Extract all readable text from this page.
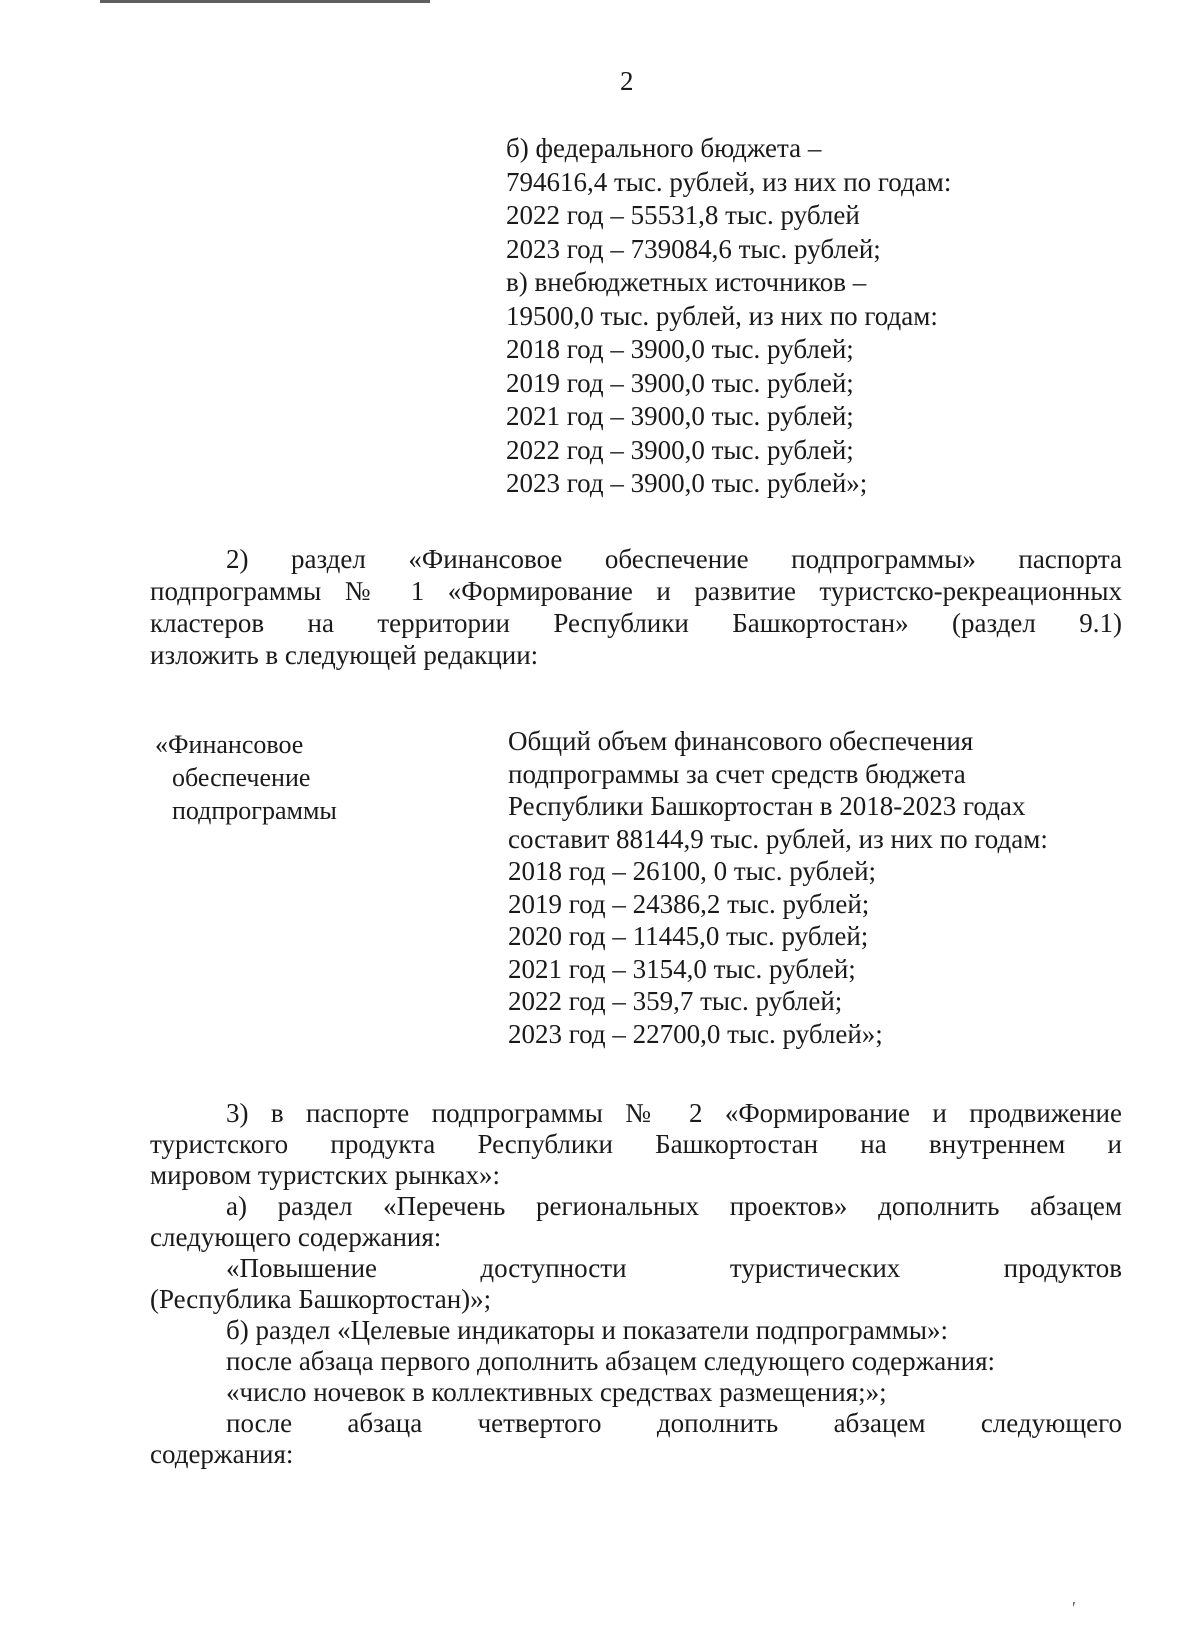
2

б) федерального бюджета –

794616,4 тыс. рублей, из них по годам:

2022 год – 55531,8 тыс. рублей

2023 год – 739084,6 тыс. рублей;

в) внебюджетных источников –

19500,0 тыс. рублей, из них по годам:

2018 год – 3900,0 тыс. рублей;

2019 год – 3900,0 тыс. рублей;

2021 год – 3900,0 тыс. рублей;

2022 год – 3900,0 тыс. рублей;

2023 год – 3900,0 тыс. рублей»;

2) раздел «Финансовое обеспечение подпрограммы» паспорта

подпрограммы № 1 «Формирование и развитие туристско-рекреационных

кластеров на территории Республики Башкортостан» (раздел 9.1)

изложить в следующей редакции:

«Финансовое

обеспечение

подпрограммы

Общий объем финансового обеспечения

подпрограммы за счет средств бюджета

Республики Башкортостан в 2018-2023 годах

составит 88144,9 тыс. рублей, из них по годам:

2018 год – 26100, 0 тыс. рублей;

2019 год – 24386,2 тыс. рублей;

2020 год – 11445,0 тыс. рублей;

2021 год – 3154,0 тыс. рублей;

2022 год – 359,7 тыс. рублей;

2023 год – 22700,0 тыс. рублей»;

3) в паспорте подпрограммы № 2 «Формирование и продвижение

туристского продукта Республики Башкортостан на внутреннем и

мировом туристских рынках»:

а) раздел «Перечень региональных проектов» дополнить абзацем

следующего содержания:

«Повышение доступности туристических продуктов

(Республика Башкортостан)»;

б) раздел «Целевые индикаторы и показатели подпрограммы»:

после абзаца первого дополнить абзацем следующего содержания:

«число ночевок в коллективных средствах размещения;»;

после абзаца четвертого дополнить абзацем следующего

содержания:

′
